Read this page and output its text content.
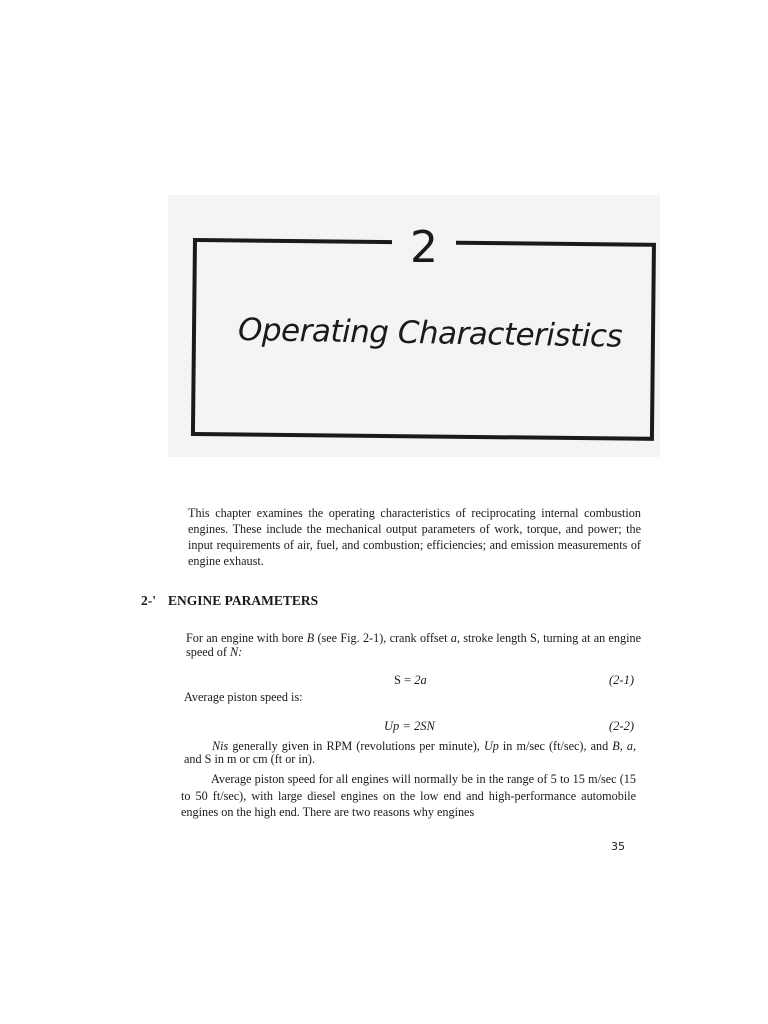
2
Operating Characteristics

This chapter examines the operating characteristics of reciprocating internal combustion engines. These include the mechanical output parameters of work, torque, and power; the input requirements of air, fuel, and combustion; efficiencies; and emission measurements of engine exhaust.

2-' ENGINE PARAMETERS

For an engine with bore B (see Fig. 2-1), crank offset a, stroke length S, turning at an engine speed of N:

S = 2a	(2-1)
Average piston speed is:
Up = 2SN	(2-2)

Nis generally given in RPM (revolutions per minute), Up in m/sec (ft/sec), and B, a, and S in m or cm (ft or in).

Average piston speed for all engines will normally be in the range of 5 to 15 m/sec (15 to 50 ft/sec), with large diesel engines on the low end and high-performance automobile engines on the high end. There are two reasons why engines

35
